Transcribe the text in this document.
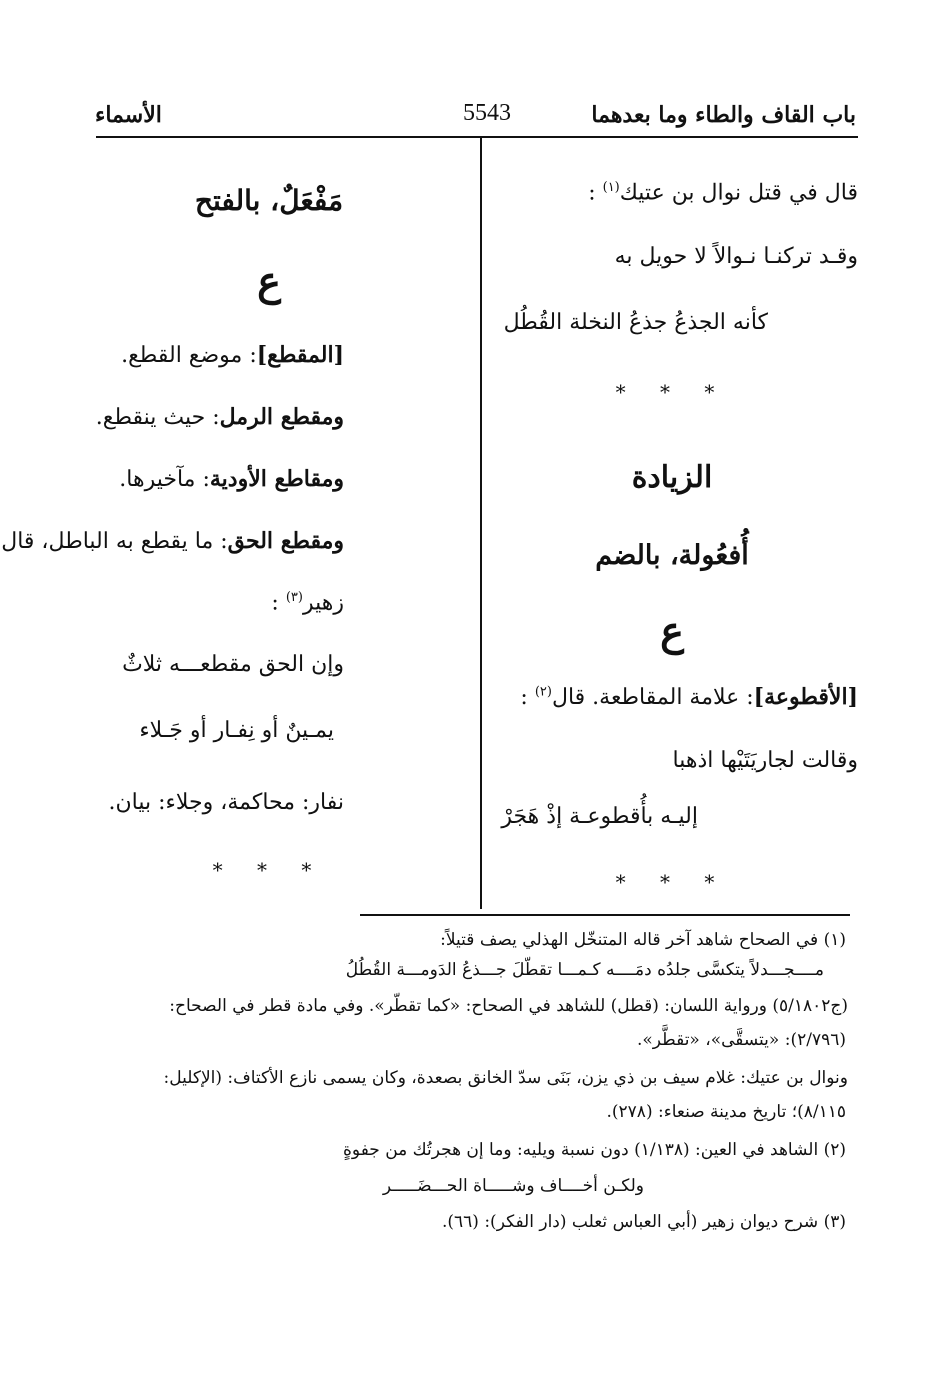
باب القاف والطاء وما بعدهما
5543
الأسماء
قال في قتل نوال بن عتيك$^{(١)}$ :
وقـد تركنـا نـوالاً لا حويل به
كأنه الجذعُ جذعُ النخلة القُطُل
* * *
الزيادة
أُفعُولة، بالضم
ع
[الأقطوعة]: علامة المقاطعة. قال$^{(٢)}$ :
وقالت لجاريَتَيْها اذهبا
إليـه بأُقطوعـة إذْ هَجَرْ
* * *
مَفْعَلٌ، بالفتح
ع
[المقطع]: موضع القطع.
ومقطع الرمل: حيث ينقطع.
ومقاطع الأودية: مآخيرها.
ومقطع الحق: ما يقطع به الباطل، قال
زهير$^{(٣)}$ :
وإن الحق مقطعـــه ثلاثٌ
يمـينٌ أو نِفـار أو جَـلاء
نفار: محاكمة، وجلاء: بيان.
* * *
(١) في الصحاح شاهد آخر قاله المتنخّل الهذلي يصف قتيلاً:
مــــجـــدلاً يتكسَّى جلدُه دمَــــه كـمـــا تقطّلَ جـــذعُ الدَومـــة القُطُلُ
(ج٥/١٨٠٢) ورواية اللسان: (قطل) للشاهد في الصحاح: «كما تقطّر». وفي مادة قطر في الصحاح:
(٢/٧٩٦): «يتسقَّى»، «تقطَّر».
ونوال بن عتيك: غلام سيف بن ذي يزن، بَنَى سدّ الخانق بصعدة، وكان يسمى نازع الأكتاف: (الإكليل:
٨/١١٥)؛ تاريخ مدينة صنعاء: (٢٧٨).
(٢) الشاهد في العين: (١/١٣٨) دون نسبة ويليه: وما إن هجرتُك من جفوةٍ
ولكـن أخــــاف وشـــــاة الحـــضَـــــر
(٣) شرح ديوان زهير (أبي العباس ثعلب (دار الفكر): (٦٦).
